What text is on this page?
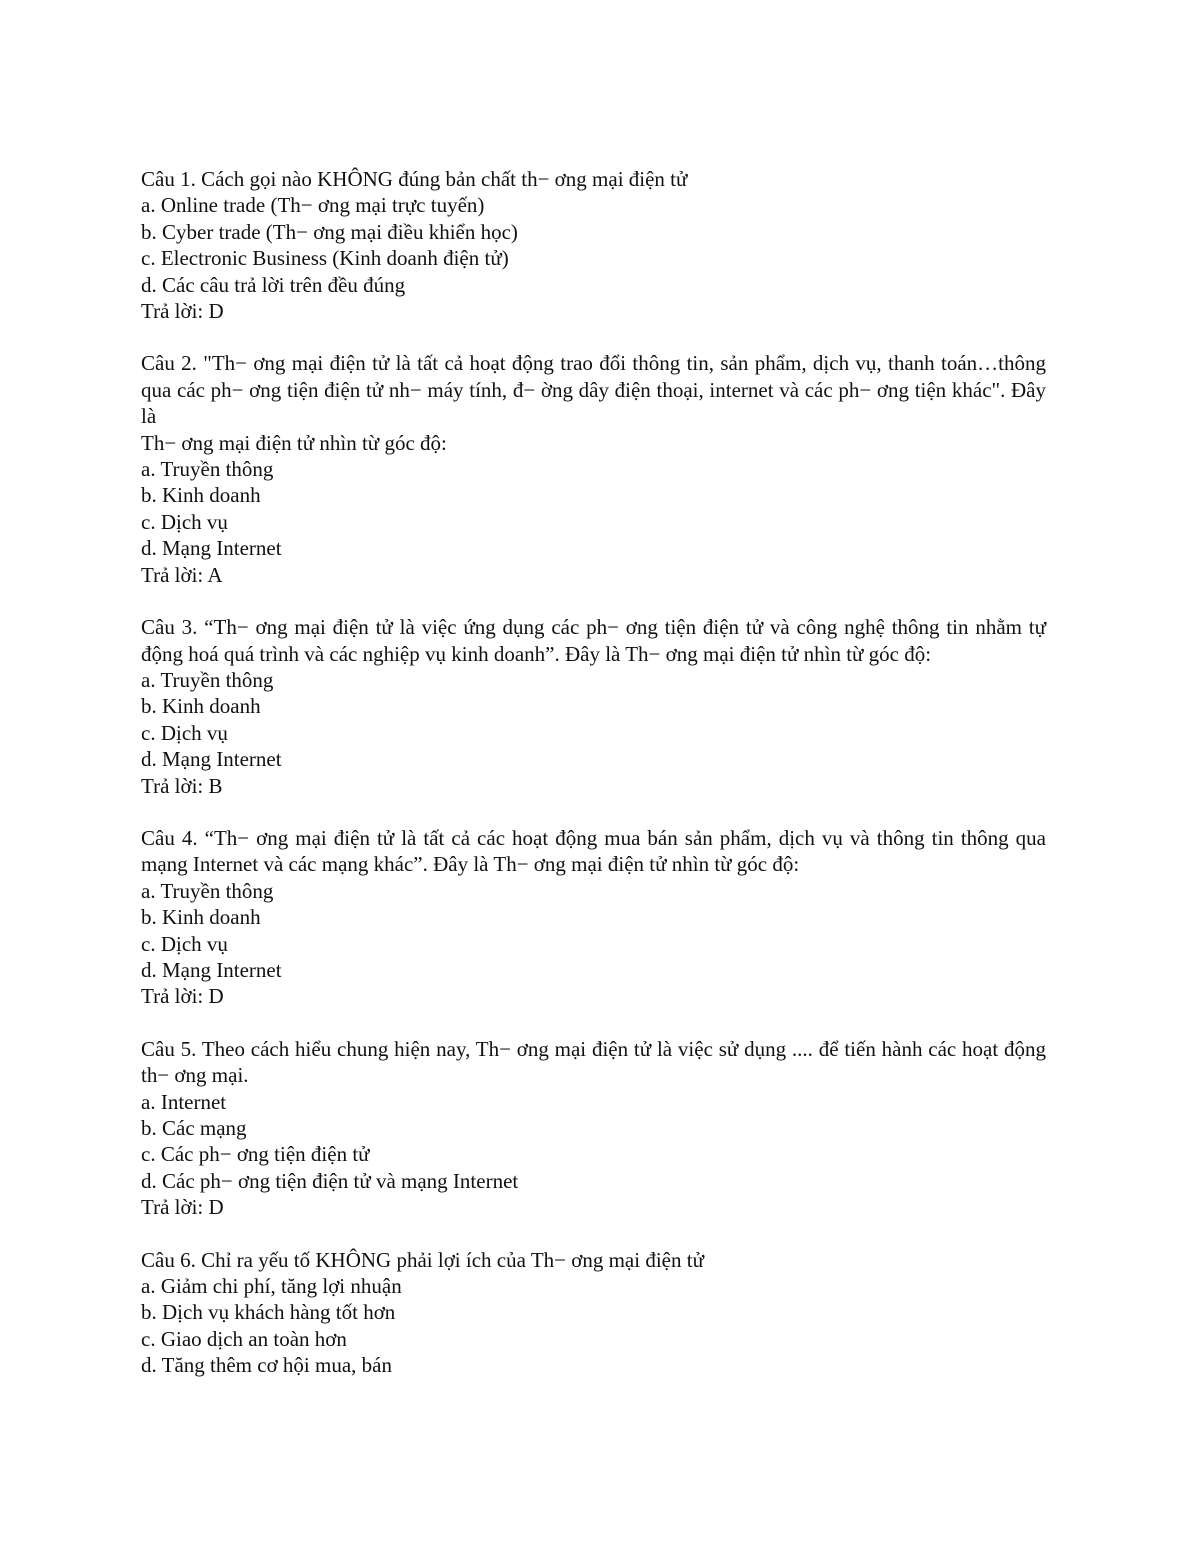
Câu 1. Cách gọi nào KHÔNG đúng bản chất th− ơng mại điện tử

a. Online trade (Th− ơng mại trực tuyến)

b. Cyber trade (Th− ơng mại điều khiển học)

c. Electronic Business (Kinh doanh điện tử)

d. Các câu trả lời trên đều đúng

Trả lời: D

Câu 2. "Th− ơng mại điện tử là tất cả hoạt động trao đổi thông tin, sản phẩm, dịch vụ, thanh toán…thông qua các ph− ơng tiện điện tử nh− máy tính, đ− ờng dây điện thoại, internet và các ph− ơng tiện khác". Đây là

Th− ơng mại điện tử nhìn từ góc độ:

a. Truyền thông

b. Kinh doanh

c. Dịch vụ

d. Mạng Internet

Trả lời: A

Câu 3. “Th− ơng mại điện tử là việc ứng dụng các ph− ơng tiện điện tử và công nghệ thông tin nhằm tự động hoá quá trình và các nghiệp vụ kinh doanh”. Đây là Th− ơng mại điện tử nhìn từ góc độ:

a. Truyền thông

b. Kinh doanh

c. Dịch vụ

d. Mạng Internet

Trả lời: B

Câu 4. “Th− ơng mại điện tử là tất cả các hoạt động mua bán sản phẩm, dịch vụ và thông tin thông qua mạng Internet và các mạng khác”. Đây là Th− ơng mại điện tử nhìn từ góc độ:

a. Truyền thông

b. Kinh doanh

c. Dịch vụ

d. Mạng Internet

Trả lời: D

Câu 5. Theo cách hiểu chung hiện nay, Th− ơng mại điện tử là việc sử dụng .... để tiến hành các hoạt động th− ơng mại.

a. Internet

b. Các mạng

c. Các ph− ơng tiện điện tử

d. Các ph− ơng tiện điện tử và mạng Internet

Trả lời: D

Câu 6. Chỉ ra yếu tố KHÔNG phải lợi ích của Th− ơng mại điện tử

a. Giảm chi phí, tăng lợi nhuận

b. Dịch vụ khách hàng tốt hơn

c. Giao dịch an toàn hơn

d. Tăng thêm cơ hội mua, bán
